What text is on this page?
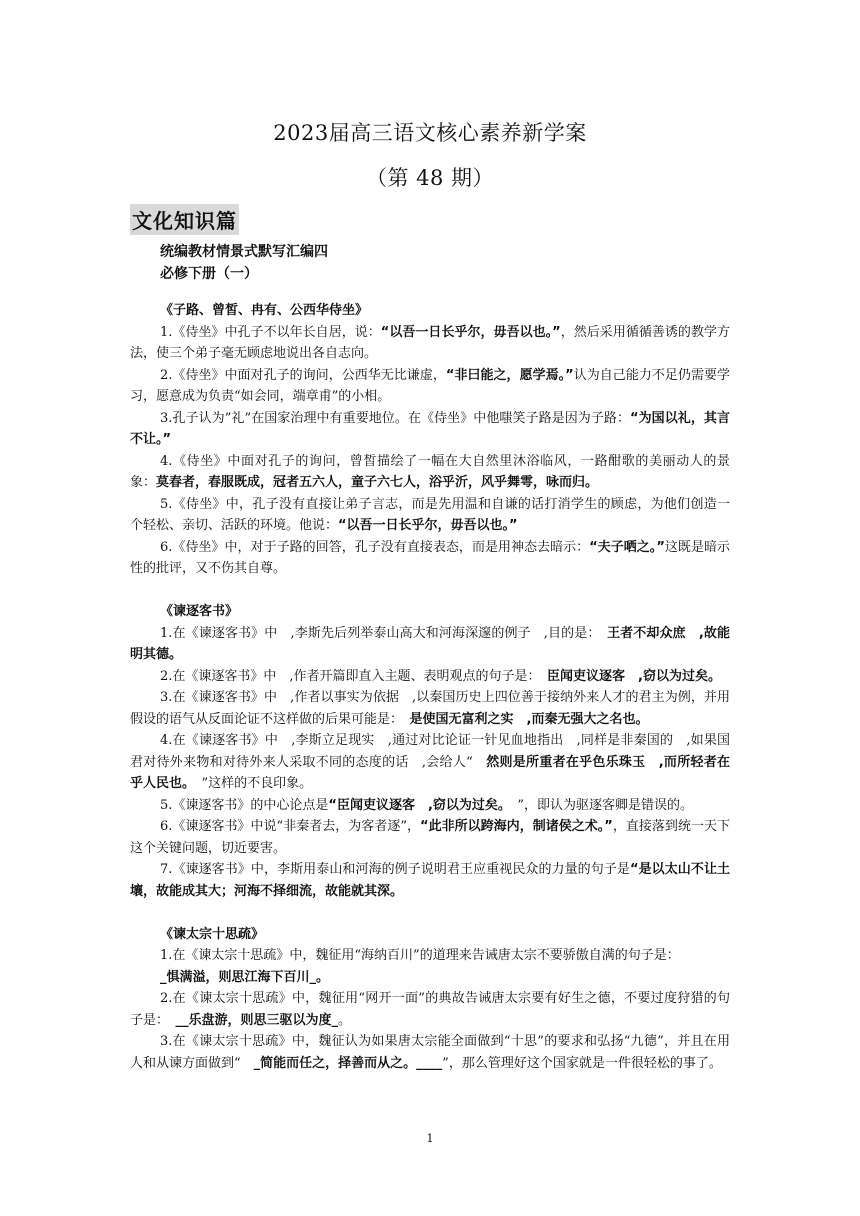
2023届高三语文核心素养新学案
（第 48 期）
文化知识篇
统编教材情景式默写汇编四
必修下册（一）

《子路、曾皙、冉有、公西华侍坐》

1.《侍坐》中孔子不以年长自居，说：“以吾一日长乎尔，毋吾以也。”，然后采用循循善诱的教学方法，使三个弟子毫无顾虑地说出各自志向。

2.《侍坐》中面对孔子的询问，公西华无比谦虚，“非曰能之，愿学焉。”认为自己能力不足仍需要学习，愿意成为负责“如会同，端章甫”的小相。

3.孔子认为”礼”在国家治理中有重要地位。在《侍坐》中他嗤笑子路是因为子路：“为国以礼，其言不让。”

4.《侍坐》中面对孔子的询问，曾皙描绘了一幅在大自然里沐浴临风，一路酣歌的美丽动人的景象：莫春者，春服既成，冠者五六人，童子六七人，浴乎沂，风乎舞雩，咏而归。

5.《侍坐》中，孔子没有直接让弟子言志，而是先用温和自谦的话打消学生的顾虑，为他们创造一个轻松、亲切、活跃的环境。他说：“以吾一日长乎尔，毋吾以也。”

6.《侍坐》中，对于子路的回答，孔子没有直接表态，而是用神态去暗示：“夫子哂之。”这既是暗示性的批评，又不伤其自尊。

《谏逐客书》

1.在《谏逐客书》中　,李斯先后列举泰山高大和河海深邃的例子　,目的是：　王者不却众庶　,故能明其德。

2.在《谏逐客书》中　,作者开篇即直入主题、表明观点的句子是：　臣闻吏议逐客　,窃以为过矣。

3.在《谏逐客书》中　,作者以事实为依据　,以秦国历史上四位善于接纳外来人才的君主为例，并用假设的语气从反面论证不这样做的后果可能是：　是使国无富利之实　,而秦无强大之名也。

4.在《谏逐客书》中　,李斯立足现实　,通过对比论证一针见血地指出　,同样是非秦国的　,如果国君对待外来物和对待外来人采取不同的态度的话　,会给人“　然则是所重者在乎色乐珠玉　,而所轻者在乎人民也。　”这样的不良印象。

5.《谏逐客书》的中心论点是“臣闻吏议逐客　,窃以为过矣。　”，即认为驱逐客卿是错误的。

6.《谏逐客书》中说“非秦者去，为客者逐”，“此非所以跨海内，制诸侯之术。”，直接落到统一天下这个关键问题，切近要害。

7.《谏逐客书》中，李斯用泰山和河海的例子说明君王应重视民众的力量的句子是“是以太山不让土壤，故能成其大；河海不择细流，故能就其深。

《谏太宗十思疏》

1.在《谏太宗十思疏》中，魏征用“海纳百川”的道理来告诫唐太宗不要骄傲自满的句子是：

_惧满溢，则思江海下百川_。

2.在《谏太宗十思疏》中，魏征用“网开一面”的典故告诫唐太宗要有好生之德，不要过度狩猎的句子是：　__乐盘游，则思三驱以为度_。

3.在《谏太宗十思疏》中，魏征认为如果唐太宗能全面做到“十思”的要求和弘扬“九德”，并且在用人和从谏方面做到“　_简能而任之，择善而从之。____”，那么管理好这个国家就是一件很轻松的事了。

1
